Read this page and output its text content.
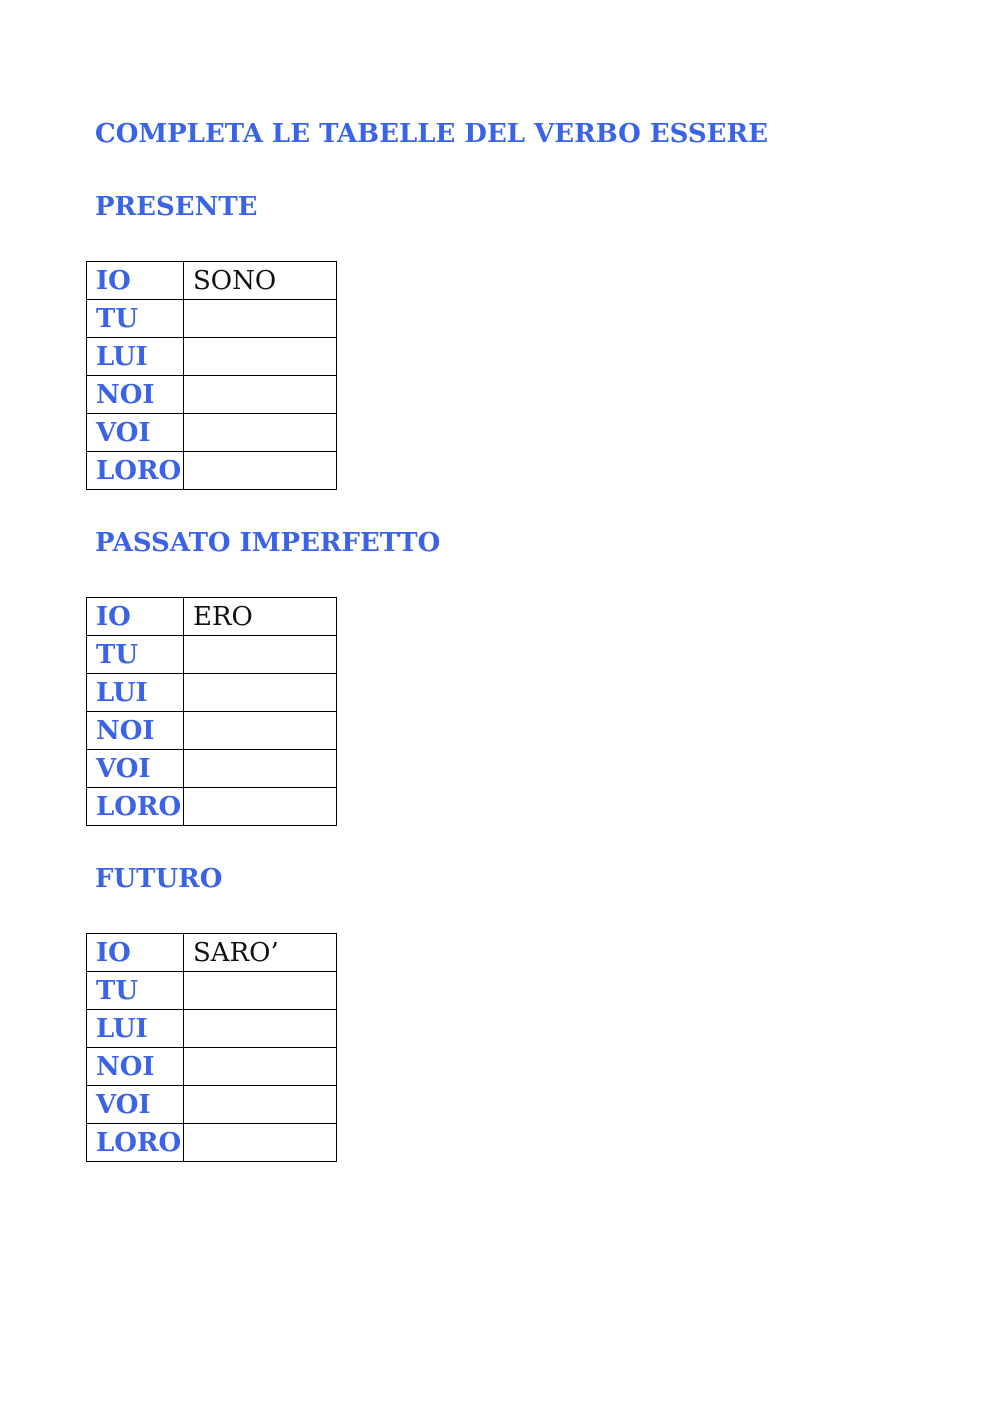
COMPLETA LE TABELLE DEL VERBO ESSERE
PRESENTE
IO	SONO
TU	
LUI	
NOI	
VOI	
LORO	
PASSATO IMPERFETTO
IO	ERO
TU	
LUI	
NOI	
VOI	
LORO	
FUTURO
IO	SARO’
TU	
LUI	
NOI	
VOI	
LORO	
